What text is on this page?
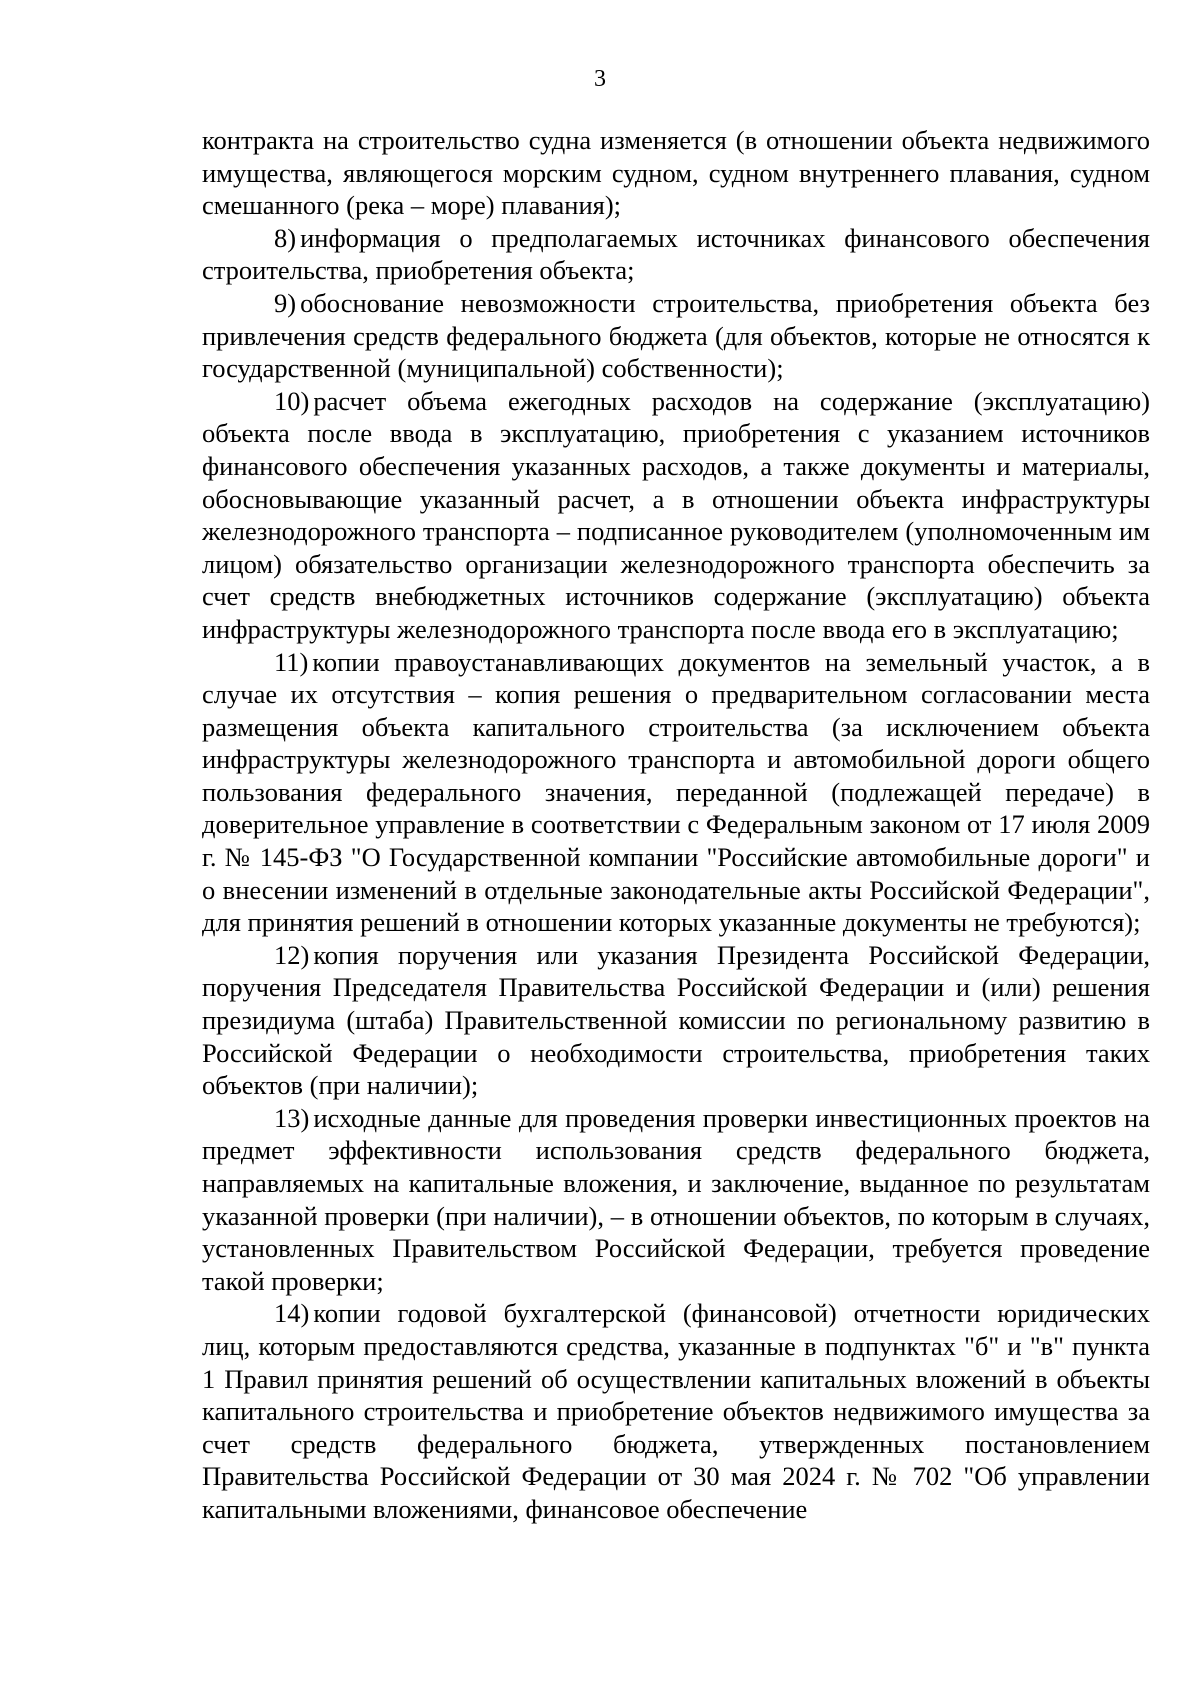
3

контракта на строительство судна изменяется (в отношении объекта недвижимого имущества, являющегося морским судном, судном внутреннего плавания, судном смешанного (река – море) плавания);

8) информация о предполагаемых источниках финансового обеспечения строительства, приобретения объекта;

9) обоснование невозможности строительства, приобретения объекта без привлечения средств федерального бюджета (для объектов, которые не относятся к государственной (муниципальной) собственности);

10) расчет объема ежегодных расходов на содержание (эксплуатацию) объекта после ввода в эксплуатацию, приобретения с указанием источников финансового обеспечения указанных расходов, а также документы и материалы, обосновывающие указанный расчет, а в отношении объекта инфраструктуры железнодорожного транспорта – подписанное руководителем (уполномоченным им лицом) обязательство организации железнодорожного транспорта обеспечить за счет средств внебюджетных источников содержание (эксплуатацию) объекта инфраструктуры железнодорожного транспорта после ввода его в эксплуатацию;

11) копии правоустанавливающих документов на земельный участок, а в случае их отсутствия – копия решения о предварительном согласовании места размещения объекта капитального строительства (за исключением объекта инфраструктуры железнодорожного транспорта и автомобильной дороги общего пользования федерального значения, переданной (подлежащей передаче) в доверительное управление в соответствии с Федеральным законом от 17 июля 2009 г. № 145-ФЗ "О Государственной компании "Российские автомобильные дороги" и о внесении изменений в отдельные законодательные акты Российской Федерации", для принятия решений в отношении которых указанные документы не требуются);

12) копия поручения или указания Президента Российской Федерации, поручения Председателя Правительства Российской Федерации и (или) решения президиума (штаба) Правительственной комиссии по региональному развитию в Российской Федерации о необходимости строительства, приобретения таких объектов (при наличии);

13) исходные данные для проведения проверки инвестиционных проектов на предмет эффективности использования средств федерального бюджета, направляемых на капитальные вложения, и заключение, выданное по результатам указанной проверки (при наличии), – в отношении объектов, по которым в случаях, установленных Правительством Российской Федерации, требуется проведение такой проверки;

14) копии годовой бухгалтерской (финансовой) отчетности юридических лиц, которым предоставляются средства, указанные в подпунктах "б" и "в" пункта 1 Правил принятия решений об осуществлении капитальных вложений в объекты капитального строительства и приобретение объектов недвижимого имущества за счет средств федерального бюджета, утвержденных постановлением Правительства Российской Федерации от 30 мая 2024 г. № 702 "Об управлении капитальными вложениями, финансовое обеспечение
